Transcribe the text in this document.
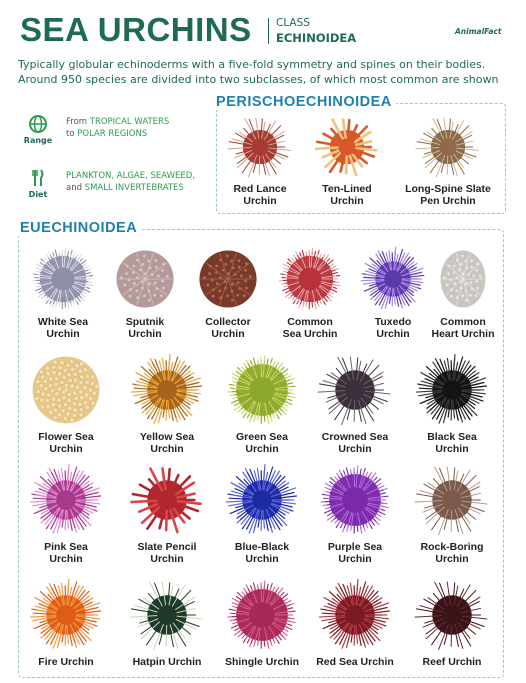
SEA URCHINS CLASS
ECHINOIDEA	AnimalFact
Typically globular echinoderms with a five-fold symmetry and spines on their bodies.
Around 950 species are divided into two subclasses, of which most common are shown
Range
From TROPICAL WATERS
to POLAR REGIONS
Diet
PLANKTON, ALGAE, SEAWEED,
and SMALL INVERTEBRATES
PERISCHOECHINOIDEA
Red Lance
Urchin
Ten-Lined
Urchin
Long-Spine Slate
Pen Urchin
EUECHINOIDEA
White Sea
Urchin
Sputnik
Urchin
Collector
Urchin
Common
Sea Urchin
Tuxedo
Urchin
Common
Heart Urchin
Flower Sea
Urchin
Yellow Sea
Urchin
Green Sea
Urchin
Crowned Sea
Urchin
Black Sea
Urchin
Pink Sea
Urchin
Slate Pencil
Urchin
Blue-Black
Urchin
Purple Sea
Urchin
Rock-Boring
Urchin
Fire Urchin	Hatpin Urchin	Shingle Urchin	Red Sea Urchin	Reef Urchin
